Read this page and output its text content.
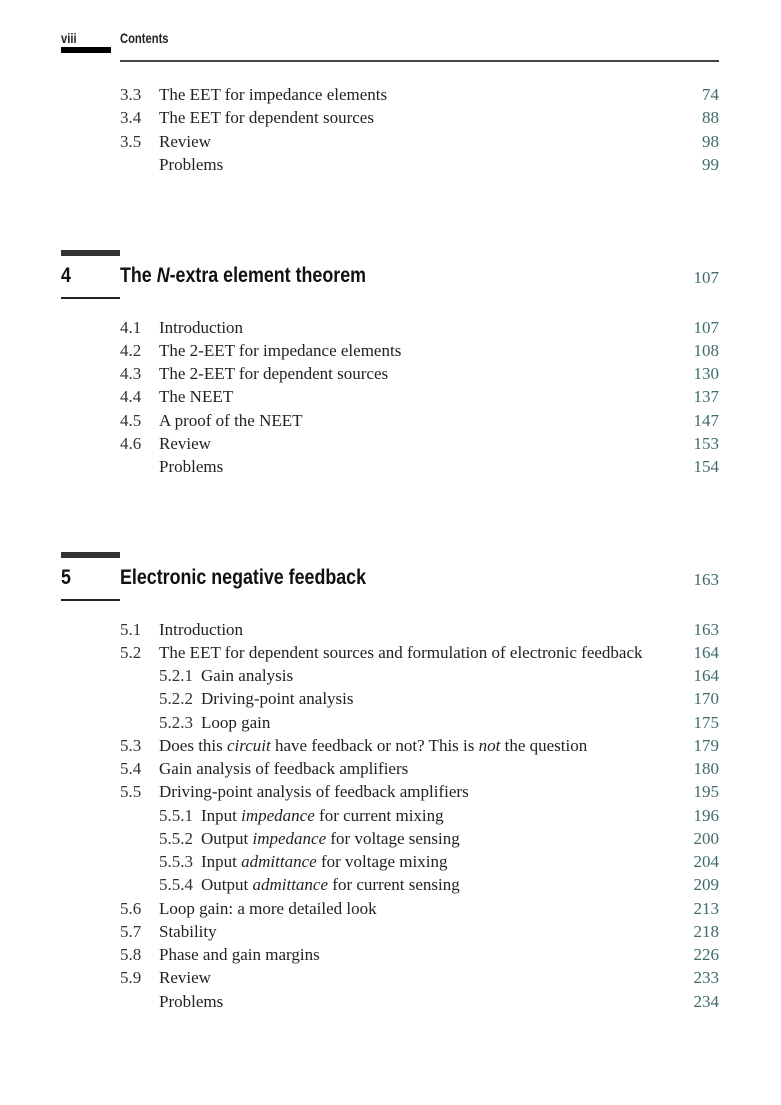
viii	Contents
3.3 The EET for impedance elements	74
3.4 The EET for dependent sources	88
3.5 Review	98
Problems	99
4 The N-extra element theorem	107
4.1 Introduction	107
4.2 The 2-EET for impedance elements	108
4.3 The 2-EET for dependent sources	130
4.4 The NEET	137
4.5 A proof of the NEET	147
4.6 Review	153
Problems	154
5 Electronic negative feedback	163
5.1 Introduction	163
5.2 The EET for dependent sources and formulation of electronic feedback	164
5.2.1 Gain analysis	164
5.2.2 Driving-point analysis	170
5.2.3 Loop gain	175
5.3 Does this circuit have feedback or not? This is not the question	179
5.4 Gain analysis of feedback amplifiers	180
5.5 Driving-point analysis of feedback amplifiers	195
5.5.1 Input impedance for current mixing	196
5.5.2 Output impedance for voltage sensing	200
5.5.3 Input admittance for voltage mixing	204
5.5.4 Output admittance for current sensing	209
5.6 Loop gain: a more detailed look	213
5.7 Stability	218
5.8 Phase and gain margins	226
5.9 Review	233
Problems	234
